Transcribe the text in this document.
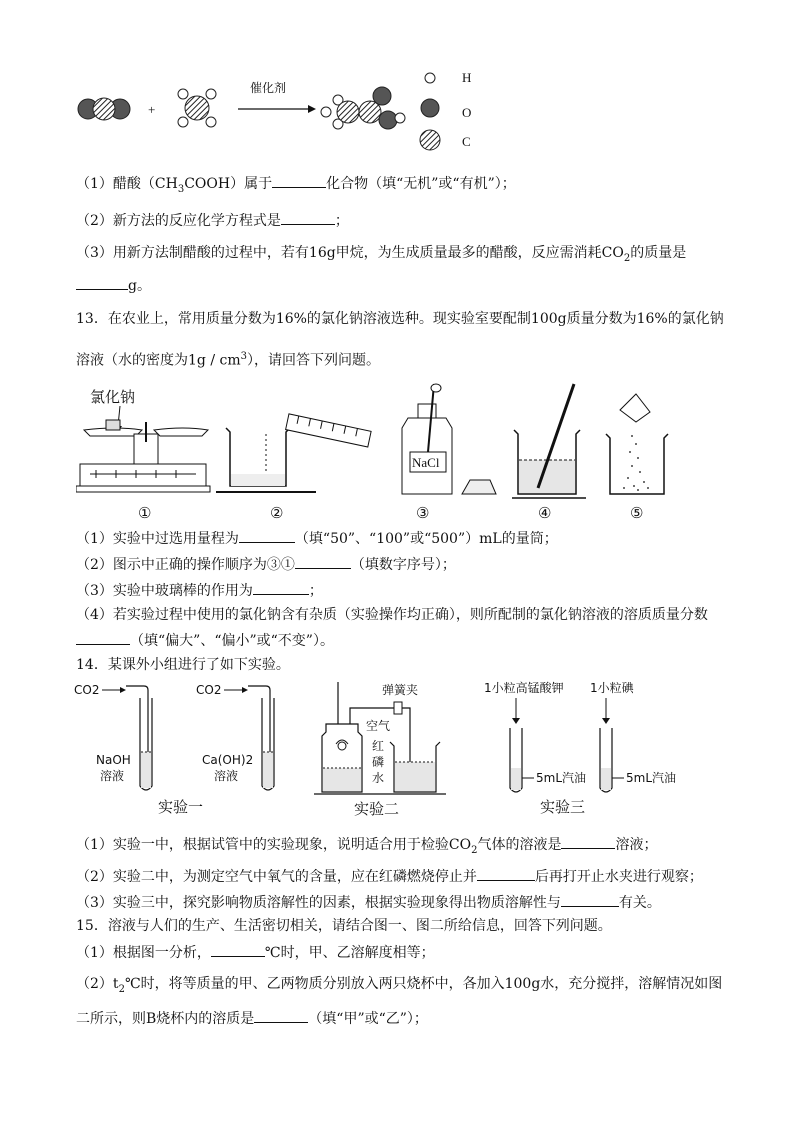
+
催化剂
H
O
C
（1）醋酸$(CH_3COOH)$属于	化合物（填“无机”或“有机”）；
（2）新方法的反应化学方程式是	；
（3）用新方法制醋酸的过程中，若有16g甲烷，为生成质量最多的醋酸，反应需消耗$CO_2$的质量是
g。
13．在农业上，常用质量分数为16%的氯化钠溶液选种。现实验室要配制100g质量分数为16%的氯化钠
溶液（水的密度为$1g / cm^3$），请回答下列问题。
氯化钠
①	②
NaCl
③	④	⑤
（1）实验中过选用量程为	（填“50”、“100”或“500”）mL的量筒；
（2）图示中正确的操作顺序为③①	（填数字序号）；
（3）实验中玻璃棒的作用为	；
（4）若实验过程中使用的氯化钠含有杂质（实验操作均正确），则所配制的氯化钠溶液的溶质质量分数
（填“偏大”、“偏小”或“不变”）。
14．某课外小组进行了如下实验。
CO2
NaOH
溶液
CO2
Ca(OH)2
溶液
实验一
弹簧夹
空气
红
磷
水
实验二
1小粒高锰酸钾
5mL汽油
1小粒碘
5mL汽油
实验三
（1）实验一中，根据试管中的实验现象，说明适合用于检验$CO_2$气体的溶液是	溶液；
（2）实验二中，为测定空气中氧气的含量，应在红磷燃烧停止并	后再打开止水夹进行观察；
（3）实验三中，探究影响物质溶解性的因素，根据实验现象得出物质溶解性与	有关。
15．溶液与人们的生产、生活密切相关，请结合图一、图二所给信息，回答下列问题。
（1）根据图一分析，	℃时，甲、乙溶解度相等；
$(2)t_2℃$时，将等质量的甲、乙两物质分别放入两只烧杯中，各加入100g水，充分搅拌，溶解情况如图
二所示，则B烧杯内的溶质是	（填“甲”或“乙”）；
